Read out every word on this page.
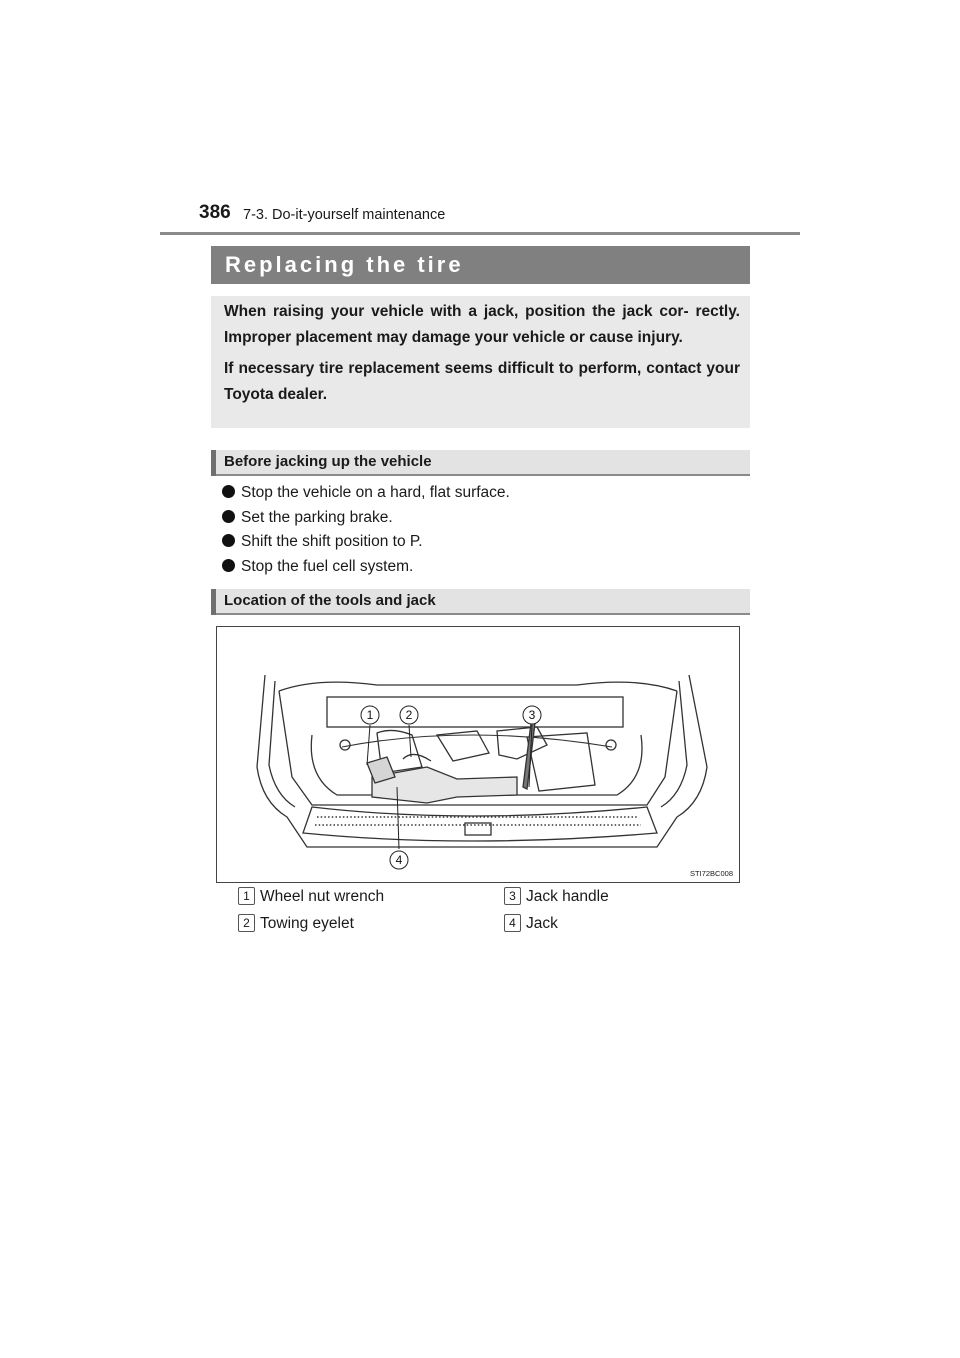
386 7-3. Do-it-yourself maintenance
Replacing the tire

When raising your vehicle with a jack, position the jack cor- rectly. Improper placement may damage your vehicle or cause injury.

If necessary tire replacement seems difficult to perform, contact your Toyota dealer.

Before jacking up the vehicle
Stop the vehicle on a hard, flat surface.
Set the parking brake.
Shift the shift position to P.
Stop the fuel cell system.
Location of the tools and jack
1	2	3
4
STI72BC008
1 Wheel nut wrench
2 Towing eyelet
3 Jack handle
4 Jack
